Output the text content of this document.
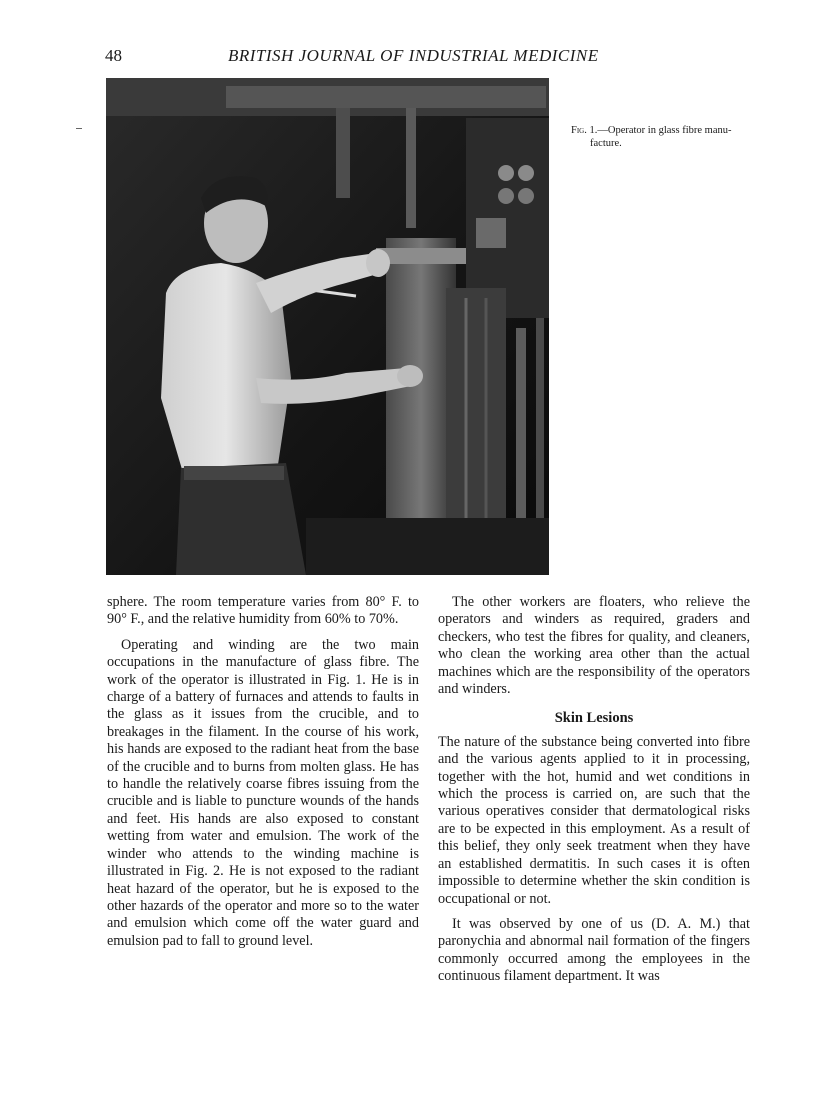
48	BRITISH JOURNAL OF INDUSTRIAL MEDICINE
Fig. 1.—Operator in glass fibre manu-
facture.

sphere. The room temperature varies from 80° F. to 90° F., and the relative humidity from 60% to 70%.

Operating and winding are the two main occupations in the manufacture of glass fibre. The work of the operator is illustrated in Fig. 1. He is in charge of a battery of furnaces and attends to faults in the glass as it issues from the crucible, and to breakages in the filament. In the course of his work, his hands are exposed to the radiant heat from the base of the crucible and to burns from molten glass. He has to handle the relatively coarse fibres issuing from the crucible and is liable to puncture wounds of the hands and feet. His hands are also exposed to constant wetting from water and emulsion. The work of the winder who attends to the winding machine is illustrated in Fig. 2. He is not exposed to the radiant heat hazard of the operator, but he is exposed to the other hazards of the operator and more so to the water and emulsion which come off the water guard and emulsion pad to fall to ground level.

The other workers are floaters, who relieve the operators and winders as required, graders and checkers, who test the fibres for quality, and cleaners, who clean the working area other than the actual machines which are the responsibility of the operators and winders.

Skin Lesions

The nature of the substance being converted into fibre and the various agents applied to it in processing, together with the hot, humid and wet conditions in which the process is carried on, are such that the various operatives consider that dermatological risks are to be expected in this employment. As a result of this belief, they only seek treatment when they have an established dermatitis. In such cases it is often impossible to determine whether the skin condition is occupational or not.

It was observed by one of us (D. A. M.) that paronychia and abnormal nail formation of the fingers commonly occurred among the employees in the continuous filament department. It was
